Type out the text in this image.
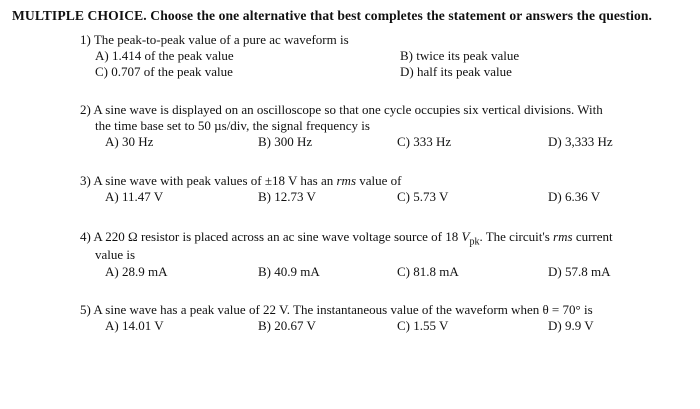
MULTIPLE CHOICE. Choose the one alternative that best completes the statement or answers the question.
1) The peak-to-peak value of a pure ac waveform is
A) 1.414 of the peak value	B) twice its peak value
C) 0.707 of the peak value	D) half its peak value
2) A sine wave is displayed on an oscilloscope so that one cycle occupies six vertical divisions. With
the time base set to 50 µs/div, the signal frequency is
A) 30 Hz	B) 300 Hz	C) 333 Hz	D) 3,333 Hz
3) A sine wave with peak values of ±18 V has an rms value of
A) 11.47 V	B) 12.73 V	C) 5.73 V	D) 6.36 V
4) A 220 Ω resistor is placed across an ac sine wave voltage source of 18 $V_{pk}$. The circuit's rms current
value is
A) 28.9 mA	B) 40.9 mA	C) 81.8 mA	D) 57.8 mA
5) A sine wave has a peak value of 22 V. The instantaneous value of the waveform when θ = 70° is
A) 14.01 V	B) 20.67 V	C) 1.55 V	D) 9.9 V
